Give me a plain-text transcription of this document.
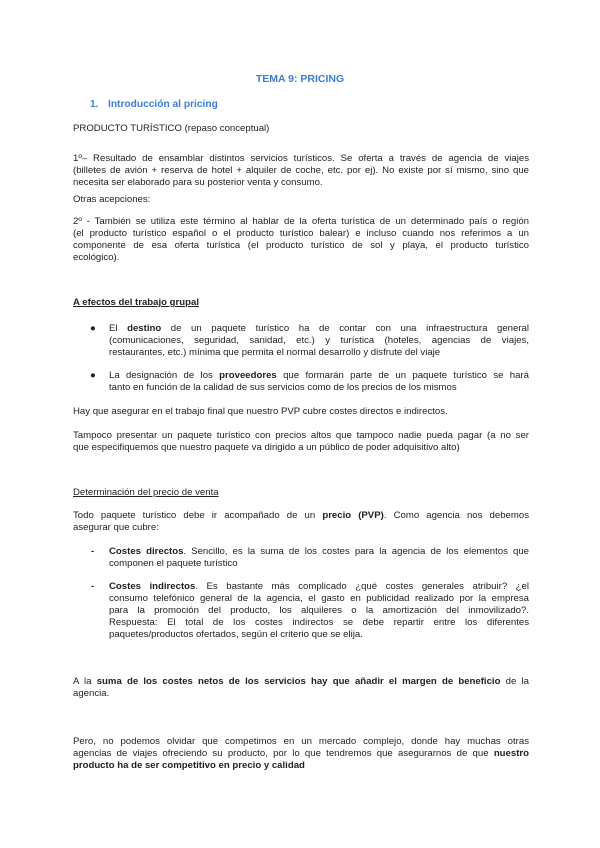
TEMA 9: PRICING
1. Introducción al pricing
PRODUCTO TURÍSTICO (repaso conceptual)
1º– Resultado de ensamblar distintos servicios turísticos. Se oferta a través de agencia de viajes
(billetes de avión + reserva de hotel + alquiler de coche, etc. por ej). No existe por sí mismo, sino que
necesita ser elaborado para su posterior venta y consumo.
Otras acepciones:
2º - También se utiliza este término al hablar de la oferta turística de un determinado país o región
(el producto turístico español o el producto turístico balear) e incluso cuando nos referimos a un
componente de esa oferta turística (el producto turístico de sol y playa, el producto turístico
ecológico).
A efectos del trabajo grupal
● El destino de un paquete turístico ha de contar con una infraestructura general
(comunicaciones, seguridad, sanidad, etc.) y turística (hoteles, agencias de viajes,
restaurantes, etc.) mínima que permita el normal desarrollo y disfrute del viaje
● La designación de los proveedores que formarán parte de un paquete turístico se hará
tanto en función de la calidad de sus servicios como de los precios de los mismos
Hay que asegurar en el trabajo final que nuestro PVP cubre costes directos e indirectos.
Tampoco presentar un paquete turístico con precios altos que tampoco nadie pueda pagar (a no ser
que especifiquemos que nuestro paquete va dirigido a un público de poder adquisitivo alto)
Determinación del precio de venta
Todo paquete turístico debe ir acompañado de un precio (PVP). Como agencia nos debemos
asegurar que cubre:
- Costes directos. Sencillo, es la suma de los costes para la agencia de los elementos que
componen el paquete turístico
- Costes indirectos. Es bastante más complicado ¿qué costes generales atribuir? ¿el
consumo telefónico general de la agencia, el gasto en publicidad realizado por la empresa
para la promoción del producto, los alquileres o la amortización del inmovilizado?.
Respuesta: El total de los costes indirectos se debe repartir entre los diferentes
paquetes/productos ofertados, según el criterio que se elija.
A la suma de los costes netos de los servicios hay que añadir el margen de beneficio de la
agencia.
Pero, no podemos olvidar que competimos en un mercado complejo, donde hay muchas otras
agencias de viajes ofreciendo su producto, por lo que tendremos que asegurarnos de que nuestro
producto ha de ser competitivo en precio y calidad
